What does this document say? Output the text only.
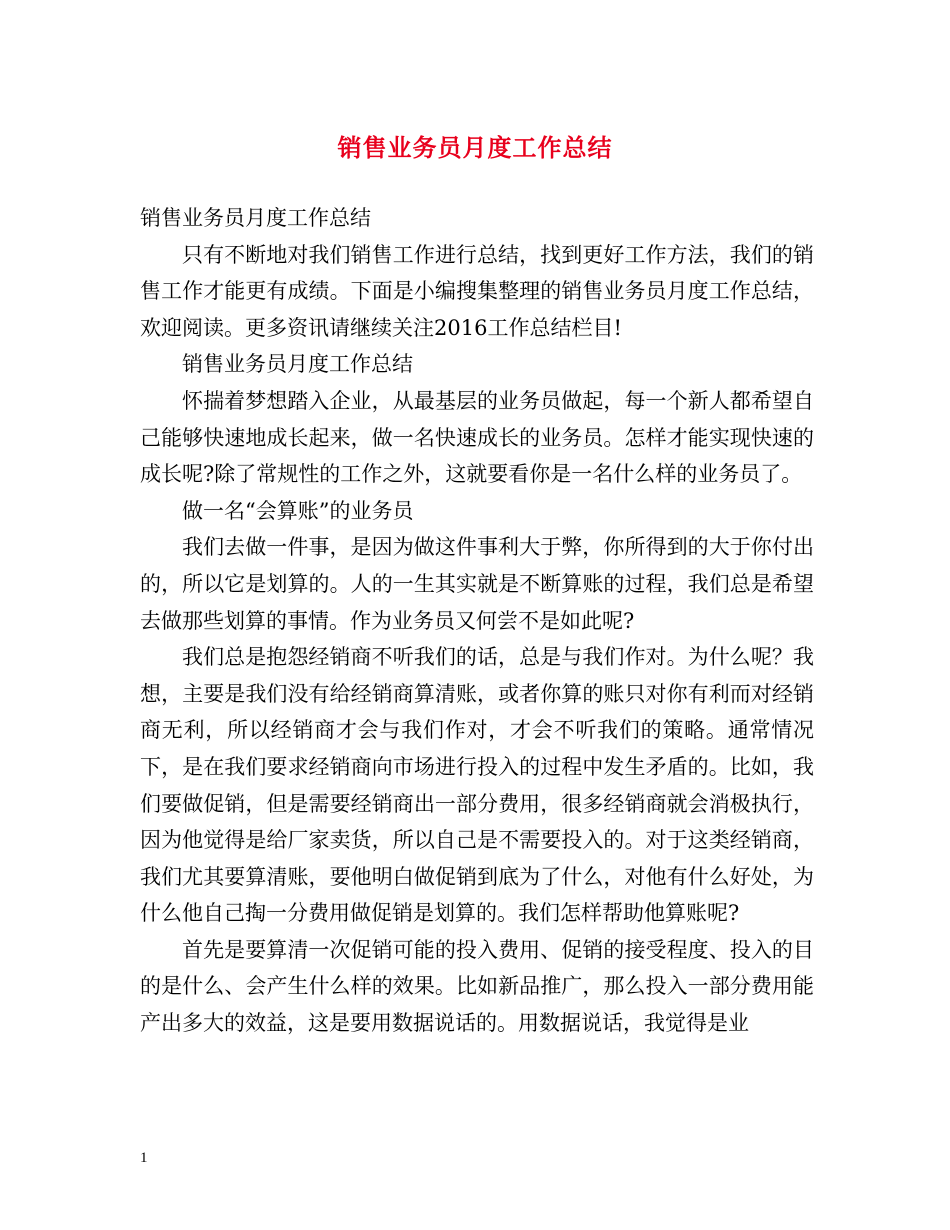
销售业务员月度工作总结

销售业务员月度工作总结

只有不断地对我们销售工作进行总结，找到更好工作方法，我们的销售工作才能更有成绩。下面是小编搜集整理的销售业务员月度工作总结，欢迎阅读。更多资讯请继续关注2016工作总结栏目!

销售业务员月度工作总结

怀揣着梦想踏入企业，从最基层的业务员做起，每一个新人都希望自己能够快速地成长起来，做一名快速成长的业务员。怎样才能实现快速的成长呢?除了常规性的工作之外，这就要看你是一名什么样的业务员了。

做一名“会算账”的业务员

我们去做一件事，是因为做这件事利大于弊，你所得到的大于你付出的，所以它是划算的。人的一生其实就是不断算账的过程，我们总是希望去做那些划算的事情。作为业务员又何尝不是如此呢?

我们总是抱怨经销商不听我们的话，总是与我们作对。为什么呢？我想，主要是我们没有给经销商算清账，或者你算的账只对你有利而对经销商无利，所以经销商才会与我们作对，才会不听我们的策略。通常情况下，是在我们要求经销商向市场进行投入的过程中发生矛盾的。比如，我们要做促销，但是需要经销商出一部分费用，很多经销商就会消极执行，因为他觉得是给厂家卖货，所以自己是不需要投入的。对于这类经销商，我们尤其要算清账，要他明白做促销到底为了什么，对他有什么好处，为什么他自己掏一分费用做促销是划算的。我们怎样帮助他算账呢?

首先是要算清一次促销可能的投入费用、促销的接受程度、投入的目的是什么、会产生什么样的效果。比如新品推广，那么投入一部分费用能产出多大的效益，这是要用数据说话的。用数据说话，我觉得是业

1
